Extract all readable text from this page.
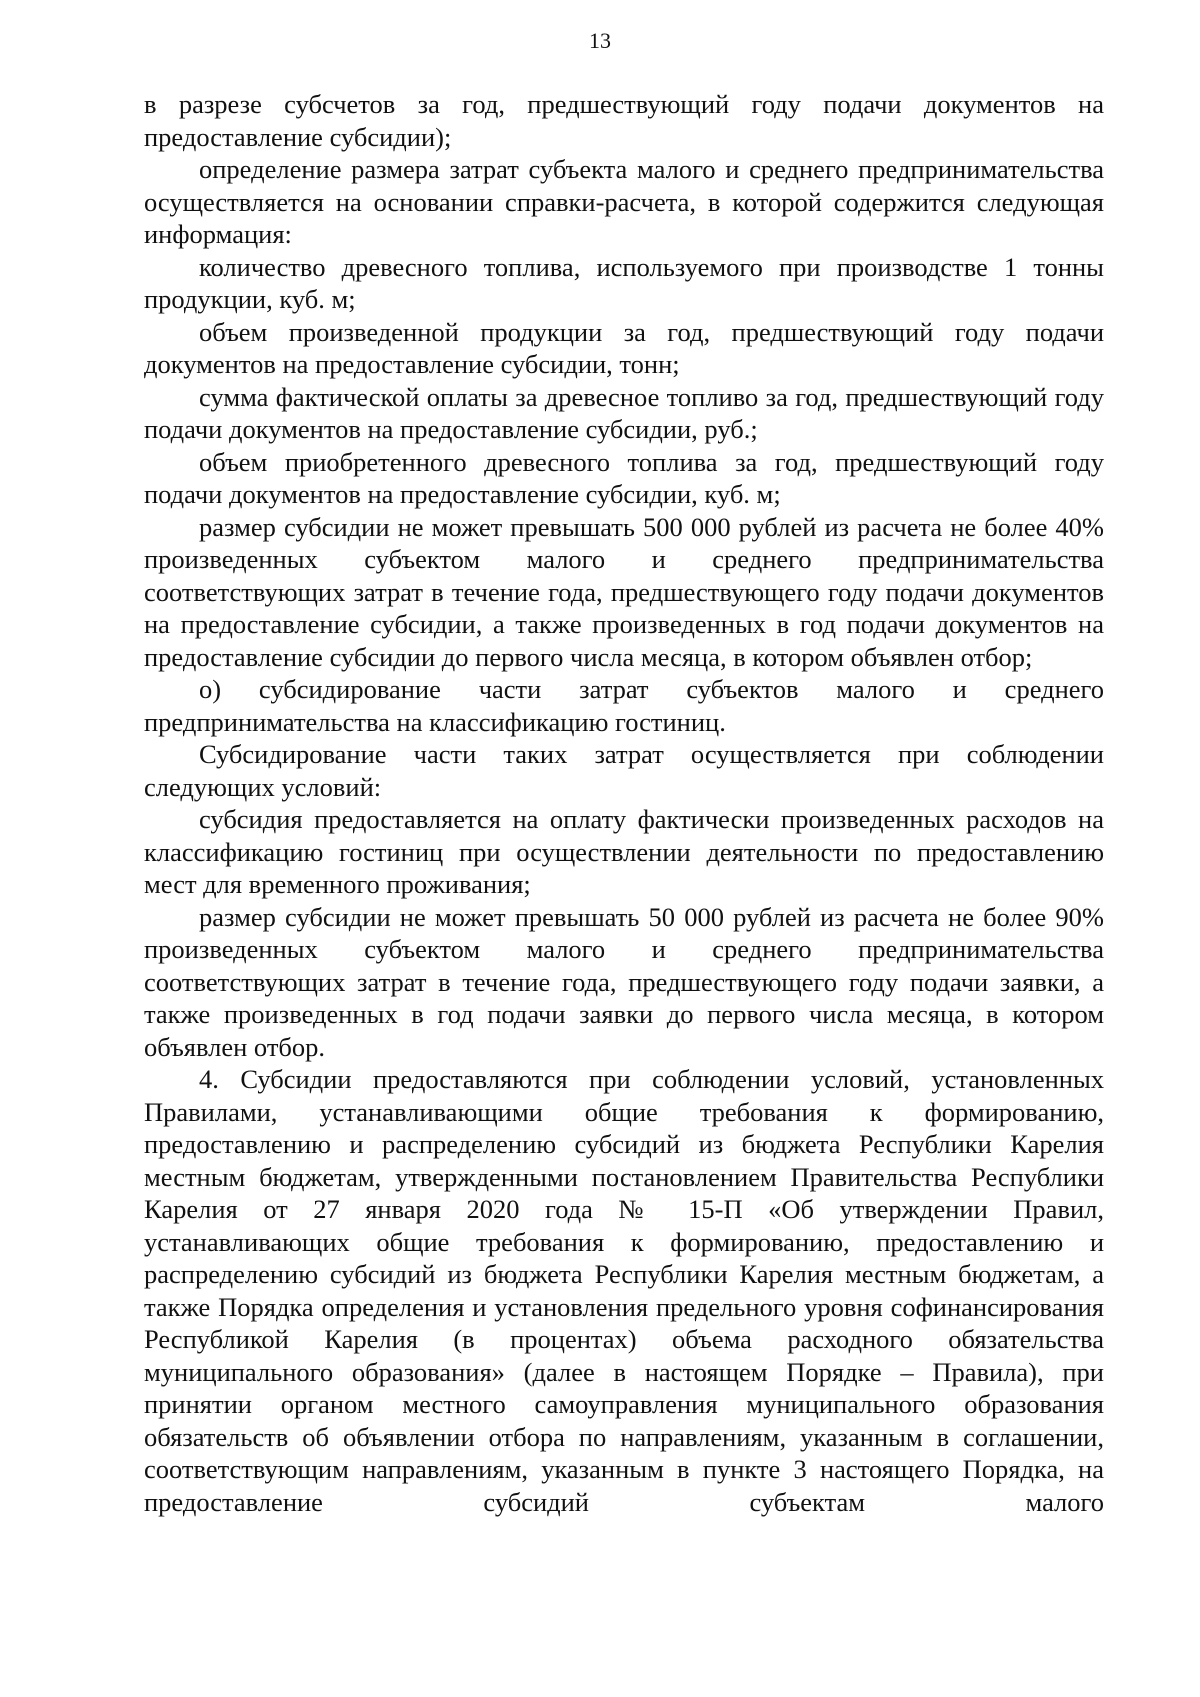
13

в разрезе субсчетов за год, предшествующий году подачи документов на предоставление субсидии);

определение размера затрат субъекта малого и среднего предпринимательства осуществляется на основании справки-расчета, в которой содержится следующая информация:

количество древесного топлива, используемого при производстве 1 тонны продукции, куб. м;

объем произведенной продукции за год, предшествующий году подачи документов на предоставление субсидии, тонн;

сумма фактической оплаты за древесное топливо за год, предшествующий году подачи документов на предоставление субсидии, руб.;

объем приобретенного древесного топлива за год, предшествующий году подачи документов на предоставление субсидии, куб. м;

размер субсидии не может превышать 500 000 рублей из расчета не более 40% произведенных субъектом малого и среднего предпринимательства соответствующих затрат в течение года, предшествующего году подачи документов на предоставление субсидии, а также произведенных в год подачи документов на предоставление субсидии до первого числа месяца, в котором объявлен отбор;

о) субсидирование части затрат субъектов малого и среднего предпринимательства на классификацию гостиниц.

Субсидирование части таких затрат осуществляется при соблюдении следующих условий:

субсидия предоставляется на оплату фактически произведенных расходов на классификацию гостиниц при осуществлении деятельности по предоставлению мест для временного проживания;

размер субсидии не может превышать 50 000 рублей из расчета не более 90% произведенных субъектом малого и среднего предпринимательства соответствующих затрат в течение года, предшествующего году подачи заявки, а также произведенных в год подачи заявки до первого числа месяца, в котором объявлен отбор.

4. Субсидии предоставляются при соблюдении условий, установленных Правилами, устанавливающими общие требования к формированию, предоставлению и распределению субсидий из бюджета Республики Карелия местным бюджетам, утвержденными постановлением Правительства Республики Карелия от 27 января 2020 года № 15-П «Об утверждении Правил, устанавливающих общие требования к формированию, предоставлению и распределению субсидий из бюджета Республики Карелия местным бюджетам, а также Порядка определения и установления предельного уровня софинансирования Республикой Карелия (в процентах) объема расходного обязательства муниципального образования» (далее в настоящем Порядке – Правила), при принятии органом местного самоуправления муниципального образования обязательств об объявлении отбора по направлениям, указанным в соглашении, соответствующим направлениям, указанным в пункте 3 настоящего Порядка, на предоставление субсидий субъектам малого
